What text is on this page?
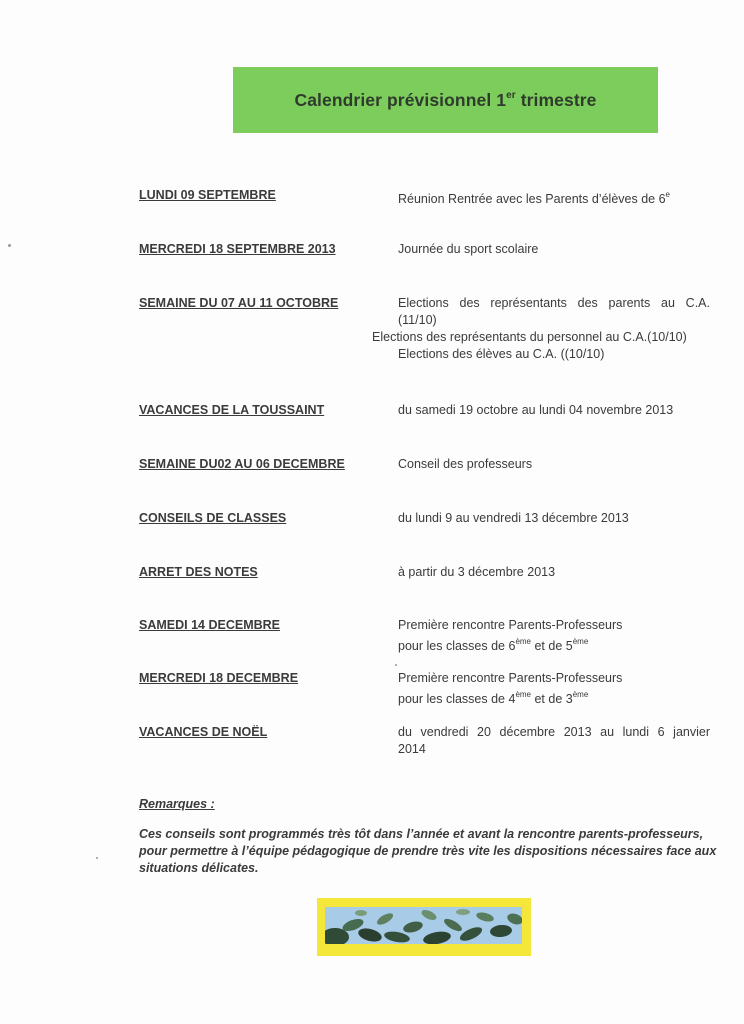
Calendrier prévisionnel 1er trimestre
LUNDI 09 SEPTEMBRE	Réunion Rentrée avec les Parents d’élèves de 6e
MERCREDI 18 SEPTEMBRE 2013	Journée du sport scolaire
SEMAINE DU 07 AU 11 OCTOBRE	Elections des représentants des parents au C.A.
(11/10)
Elections des représentants du personnel au C.A.(10/10)
Elections des élèves au C.A. ((10/10)
VACANCES DE LA TOUSSAINT	du samedi 19 octobre au lundi 04 novembre 2013
SEMAINE DU02 AU 06 DECEMBRE	Conseil des professeurs
CONSEILS DE CLASSES	du lundi 9 au vendredi 13 décembre 2013
ARRET DES NOTES	à partir du 3 décembre 2013
SAMEDI 14 DECEMBRE	Première rencontre Parents-Professeurs
pour les classes de 6ème et de 5ème
MERCREDI 18 DECEMBRE	Première rencontre Parents-Professeurs
pour les classes de 4ème et de 3ème
VACANCES DE NOËL	du vendredi 20 décembre 2013 au lundi 6 janvier
2014
Remarques :
Ces conseils sont programmés très tôt dans l’année et avant la rencontre parents-professeurs, pour permettre à l’équipe pédagogique de prendre très vite les dispositions nécessaires face aux situations délicates.
